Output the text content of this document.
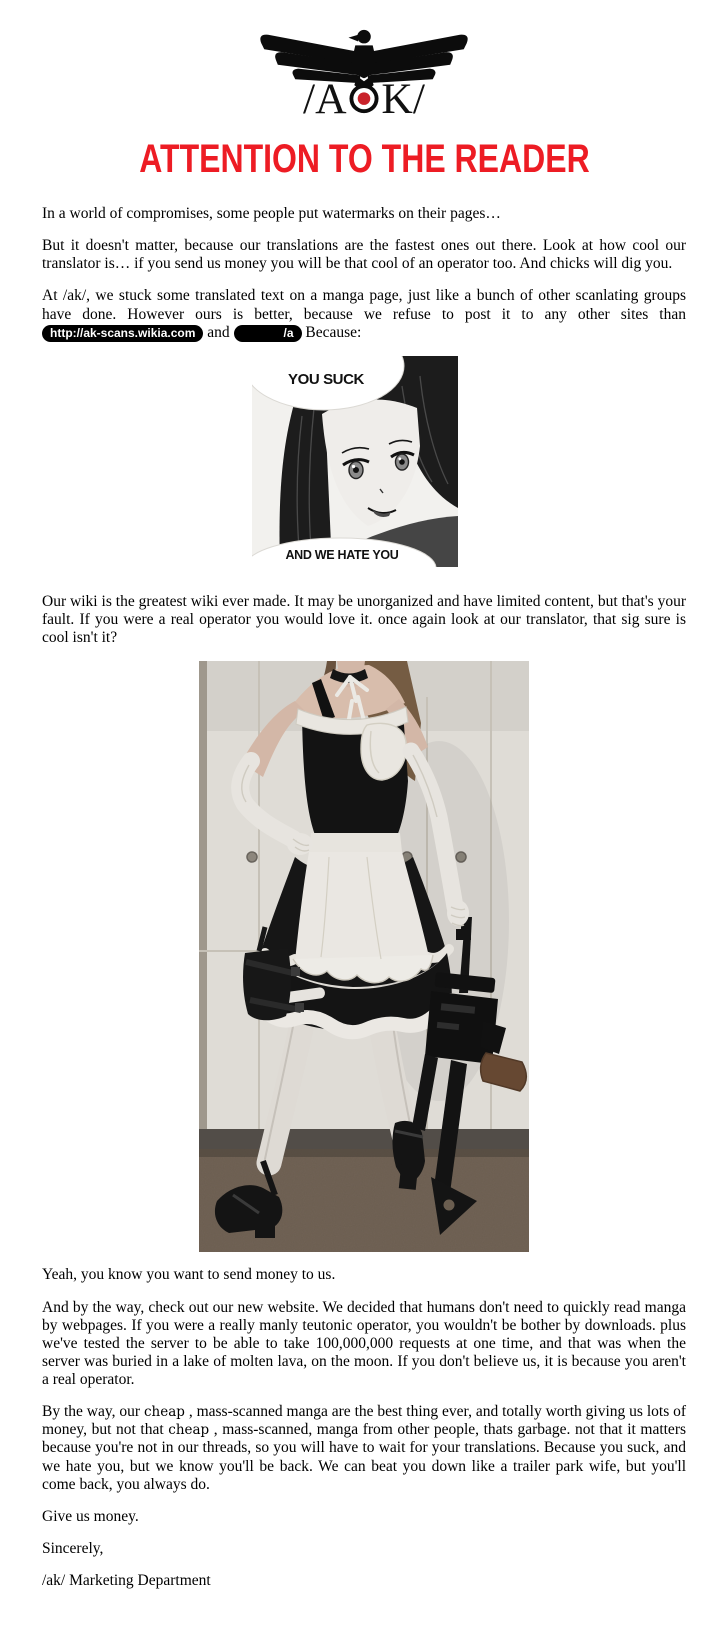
/A K/
ATTENTION TO THE READER

In a world of compromises, some people put watermarks on their pages…

But it doesn't matter, because our translations are the fastest ones out there. Look at how cool our translator is… if you send us money you will be that cool of an operator too. And chicks will dig you.

At /ak/, we stuck some translated text on a manga page, just like a bunch of other scanlating groups have done. However ours is better, because we refuse to post it to any other sites than http://ak-scans.wikia.com and	/a Because:

YOU SUCK
AND WE HATE YOU

Our wiki is the greatest wiki ever made. It may be unorganized and have limited content, but that's your fault. If you were a real operator you would love it. once again look at our translator, that sig sure is cool isn't it?

Yeah, you know you want to send money to us.

And by the way, check out our new website. We decided that humans don't need to quickly read manga by webpages. If you were a really manly teutonic operator, you wouldn't be bother by downloads. plus we've tested the server to be able to take 100,000,000 requests at one time, and that was when the server was buried in a lake of molten lava, on the moon. If you don't believe us, it is because you aren't a real operator.

By the way, our cheap , mass-scanned manga are the best thing ever, and totally worth giving us lots of money, but not that cheap , mass-scanned, manga from other people, thats garbage. not that it matters because you're not in our threads, so you will have to wait for your translations. Because you suck, and we hate you, but we know you'll be back. We can beat you down like a trailer park wife, but you'll come back, you always do.

Give us money.

Sincerely,

/ak/ Marketing Department
